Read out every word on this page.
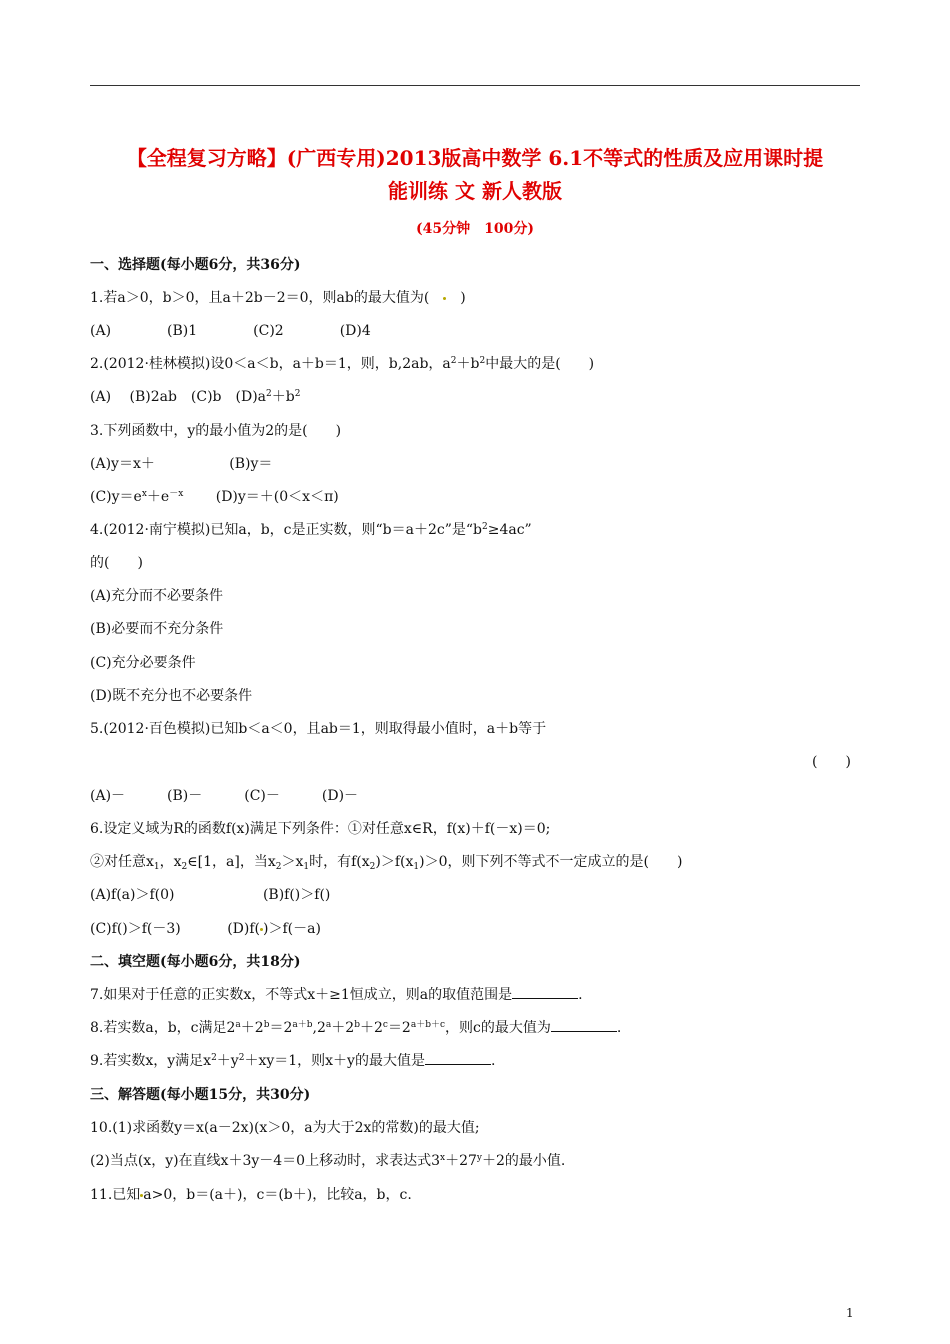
【全程复习方略】(广西专用)2013版高中数学 6.1不等式的性质及应用课时提
能训练 文 新人教版
(45分钟　100分)
一、选择题(每小题6分，共36分)
1.若a＞0，b＞0，且a＋2b－2＝0，则ab的最大值为(　　 )
(A)　　　　(B)1　　　　(C)2　　　　(D)4
2.(2012·桂林模拟)设0＜a＜b，a＋b＝1，则，b,2ab，$a^2+b^2$中最大的是(　　)
(A)　 (B)2ab　(C)b　$(D)a^2+b^2$
3.下列函数中，y的最小值为2的是(　　)
(A)y＝x＋　　　　　 (B)y＝
$(C)y=e^x+e^{-x}$　　 (D)y＝＋(0＜x＜π)
4.(2012·南宁模拟)已知a，b，c是正实数，则“b＝a＋2c”是“$b^2\ge 4ac$”
的(　　)
(A)充分而不必要条件
(B)必要而不充分条件
(C)充分必要条件
(D)既不充分也不必要条件
5.(2012·百色模拟)已知b＜a＜0，且ab＝1，则取得最小值时，a＋b等于
(　　)
(A)－　　　(B)－　　　(C)－　　　(D)－
6.设定义域为R的函数f(x)满足下列条件：①对任意x∈R，f(x)＋f(－x)＝0;
②对任意$x_1$，$x_2\in[1$，a]，当$x_2>x_1$时，有$f(x_2)>f(x_1)>0$，则下列不等式不一定成立的是(　　)
(A)f(a)＞f(0)　　　　　　 (B)f()＞f()
(C)f()＞f(－3)　　　 (D)f( )＞f(－a)
二、填空题(每小题6分，共18分)
7.如果对于任意的正实数x，不等式x＋≥1恒成立，则a的取值范围是	.
8.若实数a，b，c满足$2^a+2^b=2^{a+b},2^a+2^b+2^c=2^{a+b+c}$，则c的最大值为	.
9.若实数x，y满足$x^2+y^2+xy=1$，则x＋y的最大值是	.
三、解答题(每小题15分，共30分)
10.(1)求函数y＝x(a－2x)(x＞0，a为大于2x的常数)的最大值;
(2)当点(x，y)在直线x＋3y－4＝0上移动时，求表达式$3^x+27^y+2$的最小值.
11.已知 a>0，b＝(a＋)，c＝(b＋)，比较a，b，c.
1
